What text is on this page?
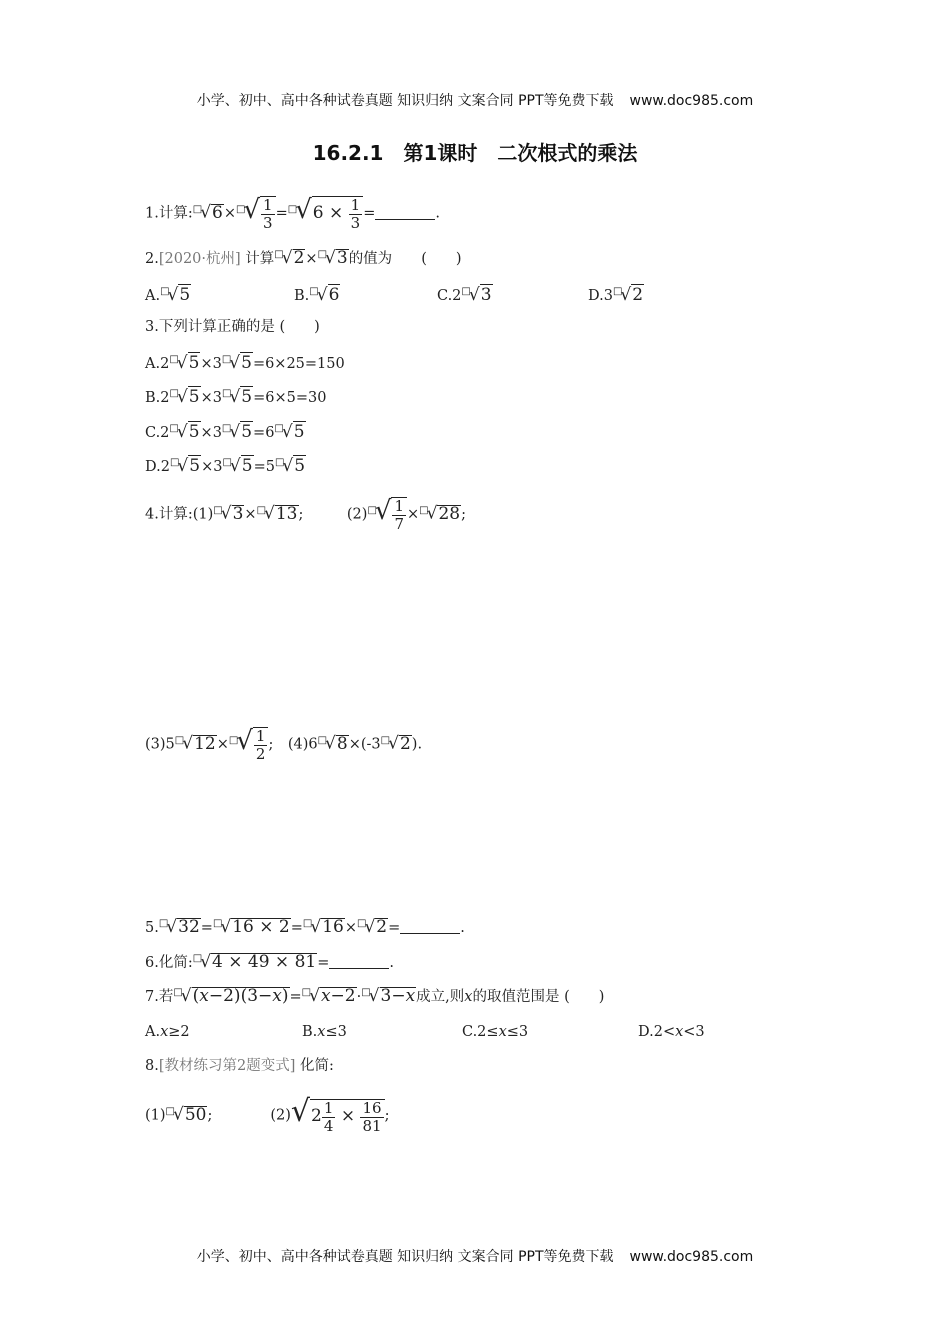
小学、初中、高中各种试卷真题 知识归纳 文案合同 PPT等免费下载 www.doc985.com
16.2.1　第1课时　二次根式的乘法
1.计算:□√6×□√ $\frac{1}{3} =^□√6 \times \frac{1}{3}$ =	.
2.[2020·杭州] 计算□√2×□√3的值为　　 (　　)
A.□√5	B.□√6	C.2□√3	D.3□√2
3.下列计算正确的是 (　　)
A.2□√5×3□√5=6×25=150
B.2□√5×3□√5=6×5=30
C.2□√5×3□√5=6□√5
D.2□√5×3□√5=5□√5
4.计算:(1)□√3×□√13;　　　	$(2)^□√ \frac{1}{7} \times^□√28$;
$(3)5^□√12\times^□√ \frac{1}{2}$ ;　 (4)6□√8×(-3□√2).
5.□√32=□√16 × 2=□√16×□√2=	.
6.化简:□√4 × 49 × 81=	.
7.若□√(x−2)(3−x)=□√x−2·□√3−x成立,则x的取值范围是 (　　)
A.x≥2	B.x≤3	C.2≤x≤3	D.2<x<3
8.[教材练习第2题变式] 化简:
(1)□√50;　　　　	$(2)√2 \frac{1}{4} \times \frac{16}{81}$ ;
小学、初中、高中各种试卷真题 知识归纳 文案合同 PPT等免费下载 www.doc985.com
